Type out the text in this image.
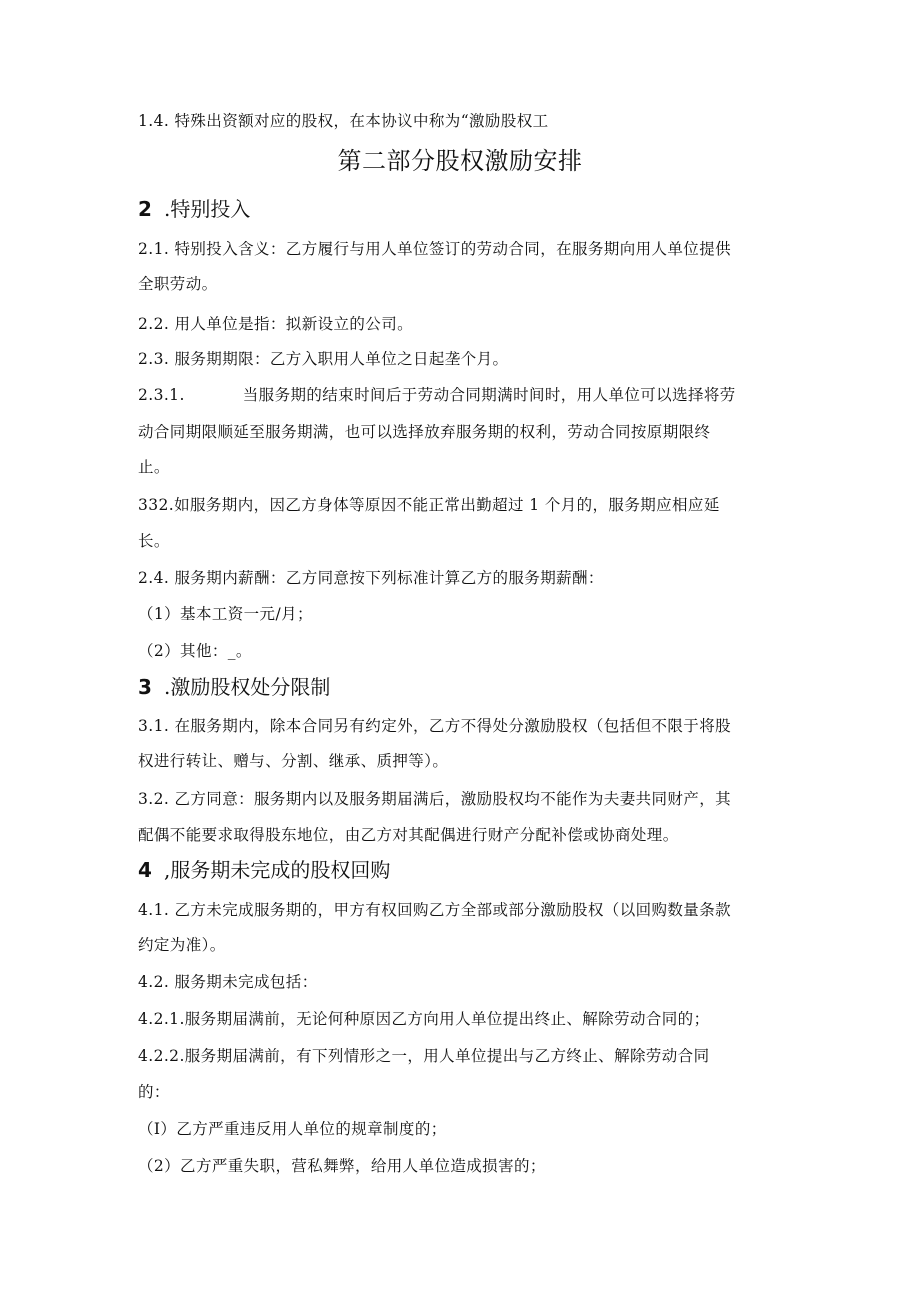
1.4. 特殊出资额对应的股权，在本协议中称为“激励股权工
第二部分股权激励安排
2 .特别投入
2.1. 特别投入含义：乙方履行与用人单位签订的劳动合同，在服务期向用人单位提供
全职劳动。
2.2. 用人单位是指：拟新设立的公司。
2.3. 服务期期限：乙方入职用人单位之日起垄个月。
2.3.1.	当服务期的结束时间后于劳动合同期满时间时，用人单位可以选择将劳
动合同期限顺延至服务期满，也可以选择放弃服务期的权利，劳动合同按原期限终
止。
332.如服务期内，因乙方身体等原因不能正常出勤超过 1 个月的，服务期应相应延
长。
2.4. 服务期内薪酬：乙方同意按下列标准计算乙方的服务期薪酬：
（1）基本工资一元/月；
（2）其他：_。
3 .激励股权处分限制
3.1. 在服务期内，除本合同另有约定外，乙方不得处分激励股权（包括但不限于将股
权进行转让、赠与、分割、继承、质押等）。
3.2. 乙方同意：服务期内以及服务期届满后，激励股权均不能作为夫妻共同财产，其
配偶不能要求取得股东地位，由乙方对其配偶进行财产分配补偿或协商处理。
4 ,服务期未完成的股权回购
4.1. 乙方未完成服务期的，甲方有权回购乙方全部或部分激励股权（以回购数量条款
约定为准）。
4.2. 服务期未完成包括：
4.2.1.服务期届满前，无论何种原因乙方向用人单位提出终止、解除劳动合同的；
4.2.2.服务期届满前，有下列情形之一，用人单位提出与乙方终止、解除劳动合同
的：
（I）乙方严重违反用人单位的规章制度的；
（2）乙方严重失职，营私舞弊，给用人单位造成损害的；
